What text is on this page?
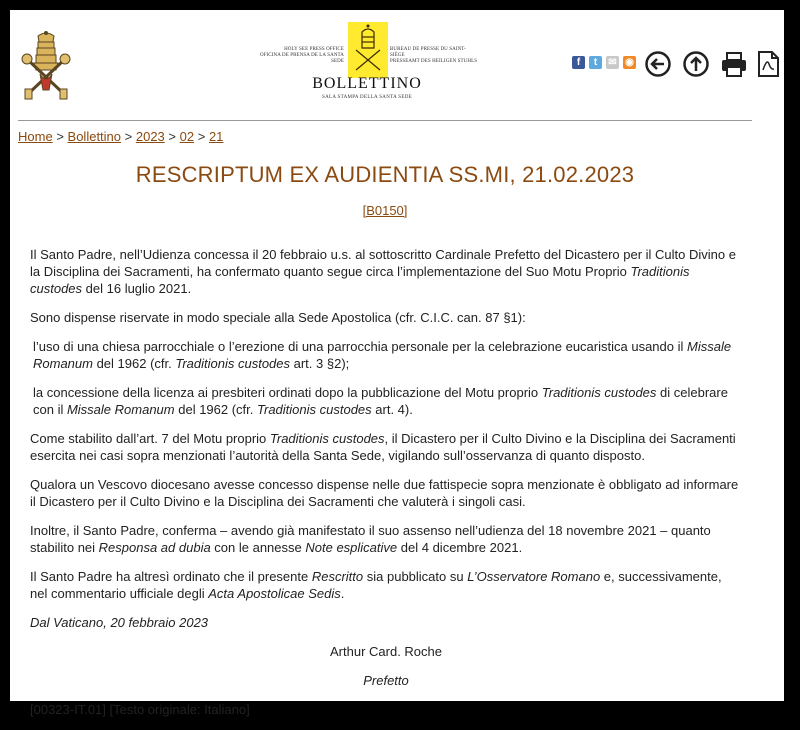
HOLY SEE PRESS OFFICE
OFICINA DE PRENSA DE LA SANTA SEDE
BUREAU DE PRESSE DU SAINT-SIÈGE
PRESSEAMT DES HEILIGEN STUHLS
BOLLETTINO
SALA STAMPA DELLA SANTA SEDE
f	t	✉ ◉
Home > Bollettino > 2023 > 02 > 21
RESCRIPTUM EX AUDIENTIA SS.MI, 21.02.2023
[B0150]

Il Santo Padre, nell’Udienza concessa il 20 febbraio u.s. al sottoscritto Cardinale Prefetto del Dicastero per il Culto Divino e la Disciplina dei Sacramenti, ha confermato quanto segue circa l’implementazione del Suo Motu Proprio Traditionis custodes del 16 luglio 2021.

Sono dispense riservate in modo speciale alla Sede Apostolica (cfr. C.I.C. can. 87 §1):

l’uso di una chiesa parrocchiale o l’erezione di una parrocchia personale per la celebrazione eucaristica usando il Missale Romanum del 1962 (cfr. Traditionis custodes art. 3 §2);

la concessione della licenza ai presbiteri ordinati dopo la pubblicazione del Motu proprio Traditionis custodes di celebrare con il Missale Romanum del 1962 (cfr. Traditionis custodes art. 4).

Come stabilito dall’art. 7 del Motu proprio Traditionis custodes, il Dicastero per il Culto Divino e la Disciplina dei Sacramenti esercita nei casi sopra menzionati l’autorità della Santa Sede, vigilando sull’osservanza di quanto disposto.

Qualora un Vescovo diocesano avesse concesso dispense nelle due fattispecie sopra menzionate è obbligato ad informare il Dicastero per il Culto Divino e la Disciplina dei Sacramenti che valuterà i singoli casi.

Inoltre, il Santo Padre, conferma – avendo già manifestato il suo assenso nell’udienza del 18 novembre 2021 – quanto stabilito nei Responsa ad dubia con le annesse Note esplicative del 4 dicembre 2021.

Il Santo Padre ha altresì ordinato che il presente Rescritto sia pubblicato su L’Osservatore Romano e, successivamente, nel commentario ufficiale degli Acta Apostolicae Sedis.

Dal Vaticano, 20 febbraio 2023

Arthur Card. Roche

Prefetto

[00323-IT.01] [Testo originale: Italiano]
